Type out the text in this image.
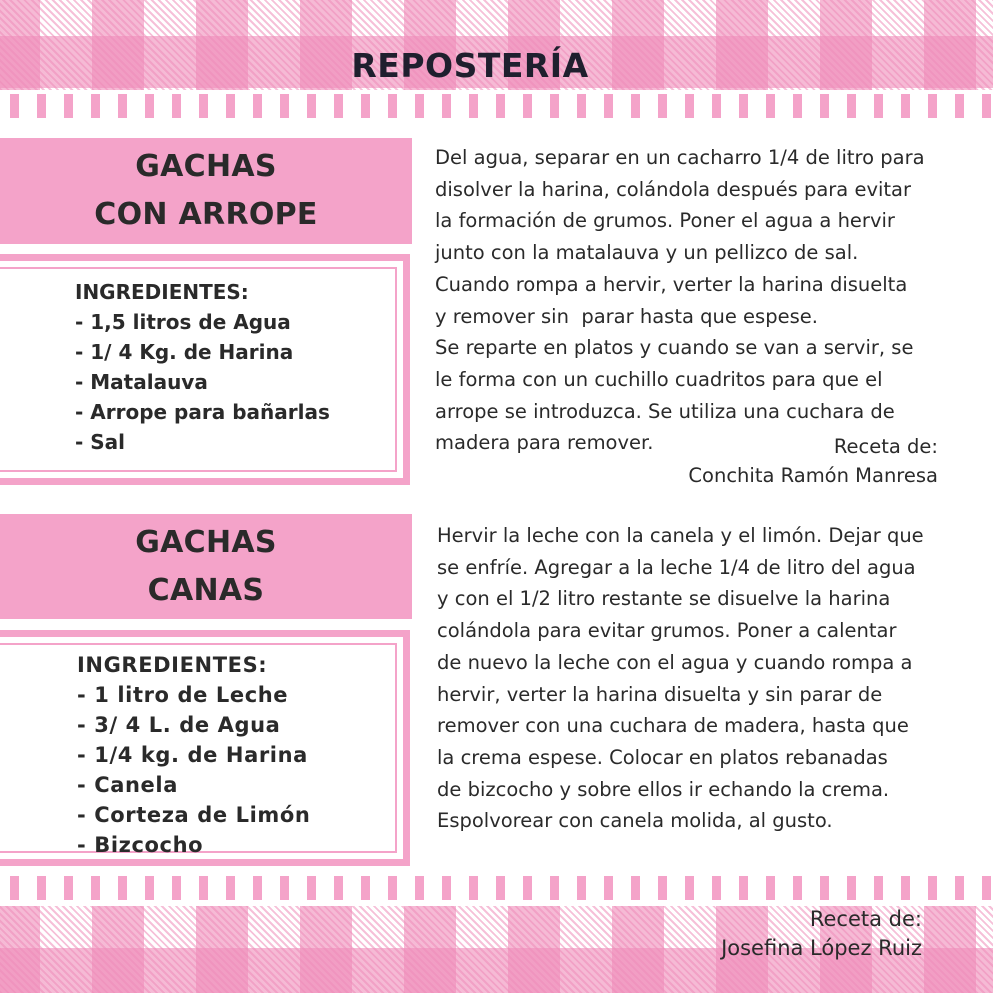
REPOSTERÍA
GACHAS
CON ARROPE
INGREDIENTES:
- 1,5 litros de Agua
- 1/ 4 Kg. de Harina
- Matalauva
- Arrope para bañarlas
- Sal
Del agua, separar en un cacharro 1/4 de litro para
disolver la harina, colándola después para evitar
la formación de grumos. Poner el agua a hervir
junto con la matalauva y un pellizco de sal.
Cuando rompa a hervir, verter la harina disuelta
y remover sin  parar hasta que espese.
Se reparte en platos y cuando se van a servir, se
le forma con un cuchillo cuadritos para que el
arrope se introduzca. Se utiliza una cuchara de
madera para remover.	Receta de:
Conchita Ramón Manresa
GACHAS
CANAS
INGREDIENTES:
- 1 litro de Leche
- 3/ 4 L. de Agua
- 1/4 kg. de Harina
- Canela
- Corteza de Limón
- Bizcocho
Hervir la leche con la canela y el limón. Dejar que
se enfríe. Agregar a la leche 1/4 de litro del agua
y con el 1/2 litro restante se disuelve la harina
colándola para evitar grumos. Poner a calentar
de nuevo la leche con el agua y cuando rompa a
hervir, verter la harina disuelta y sin parar de
remover con una cuchara de madera, hasta que
la crema espese. Colocar en platos rebanadas
de bizcocho y sobre ellos ir echando la crema.
Espolvorear con canela molida, al gusto.
Receta de:
Josefina López Ruiz
